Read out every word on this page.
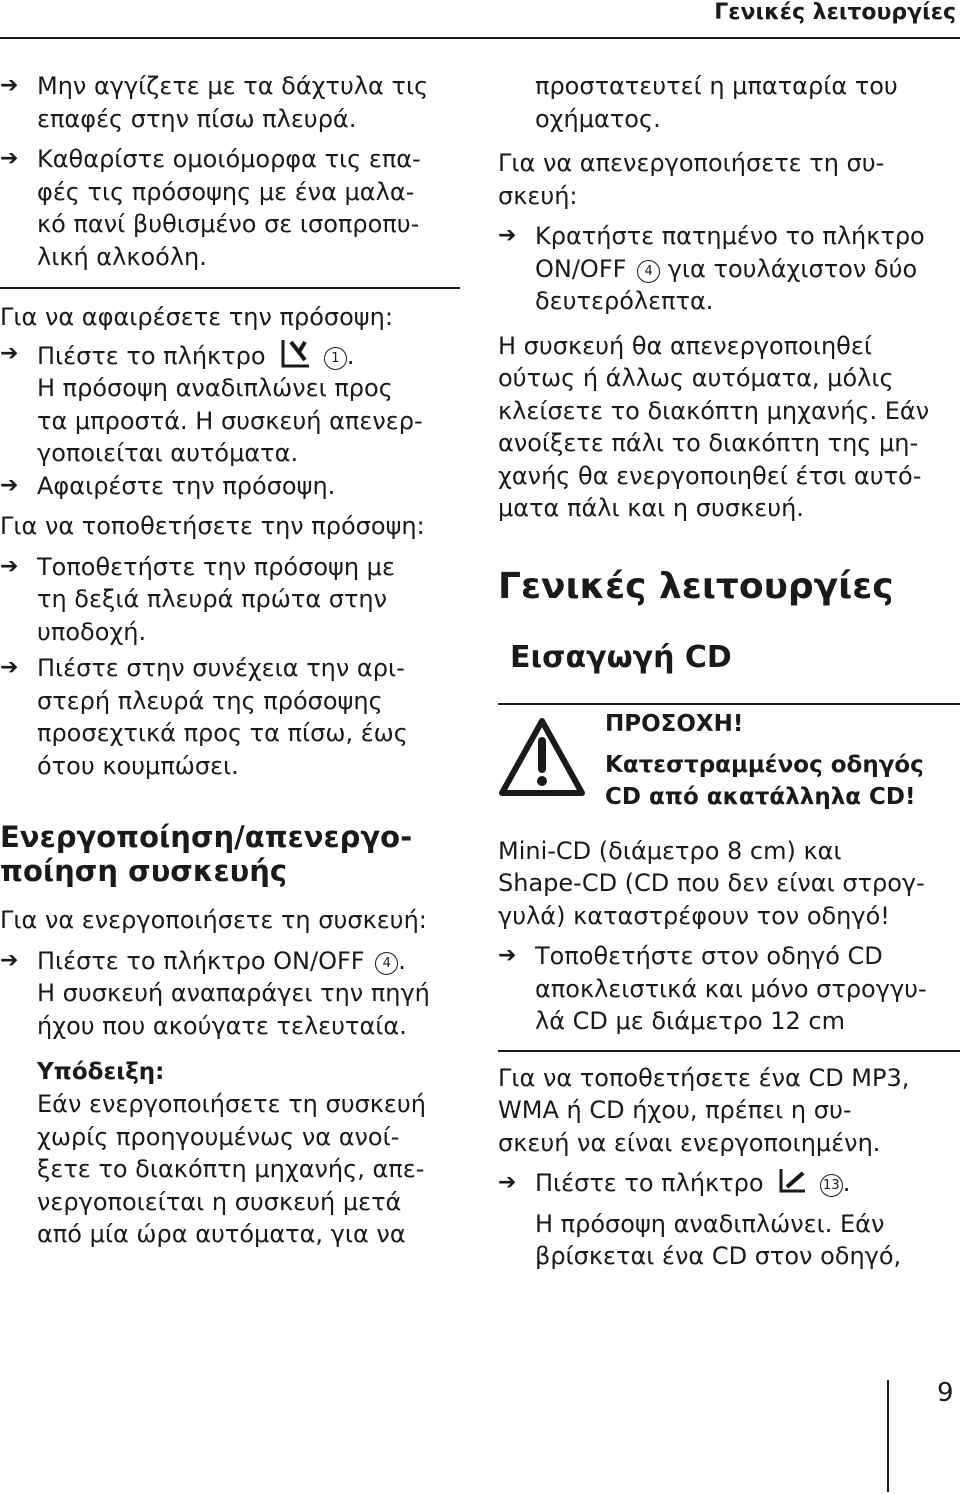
Γενικές λειτουργίες
➔ Μην αγγίζετε με τα δάχτυλα τις
επαφές στην πίσω πλευρά.
➔ Καθαρίστε ομοιόμορφα τις επα-
φές τις πρόσοψης με ένα μαλα-
κό πανί βυθισμένο σε ισοπροπυ-
λική αλκοόλη.

Για να αφαιρέσετε την πρόσοψη:

➔ Πιέστε το πλήκτρο	1 .
Η πρόσοψη αναδιπλώνει προς
τα μπροστά. Η συσκευή απενερ-
γοποιείται αυτόματα.
➔ Αφαιρέστε την πρόσοψη.

Για να τοποθετήσετε την πρόσοψη:

➔ Τοποθετήστε την πρόσοψη με
τη δεξιά πλευρά πρώτα στην
υποδοχή.
➔ Πιέστε στην συνέχεια την αρι-
στερή πλευρά της πρόσοψης
προσεχτικά προς τα πίσω, έως
ότου κουμπώσει.
Ενεργοποίηση/απενεργο-
ποίηση συσκευής

Για να ενεργοποιήσετε τη συσκευή:

➔ Πιέστε το πλήκτρο ON/OFF 4 .
Η συσκευή αναπαράγει την πηγή
ήχου που ακούγατε τελευταία.

Υπόδειξη:

Εάν ενεργοποιήσετε τη συσκευή
χωρίς προηγουμένως να ανοί-
ξετε το διακόπτη μηχανής, απε-
νεργοποιείται η συσκευή μετά
από μία ώρα αυτόματα, για να
προστατευτεί η μπαταρία του
οχήματος.
Για να απενεργοποιήσετε τη συ-
σκευή:
➔ Κρατήστε πατημένο το πλήκτρο
ON/OFF 4 για τουλάχιστον δύο
δευτερόλεπτα.
Η συσκευή θα απενεργοποιηθεί
ούτως ή άλλως αυτόματα, μόλις
κλείσετε το διακόπτη μηχανής. Εάν
ανοίξετε πάλι το διακόπτη της μη-
χανής θα ενεργοποιηθεί έτσι αυτό-
ματα πάλι και η συσκευή.
Γενικές λειτουργίες
Εισαγωγή CD

ΠΡΟΣΟΧΗ!

Κατεστραμμένος οδηγός
CD από ακατάλληλα CD!
Mini-CD (διάμετρο 8 cm) και
Shape-CD (CD που δεν είναι στρογ-
γυλά) καταστρέφουν τον οδηγό!
➔ Τοποθετήστε στον οδηγό CD
αποκλειστικά και μόνο στρογγυ-
λά CD με διάμετρο 12 cm
Για να τοποθετήσετε ένα CD MP3,
WMA ή CD ήχου, πρέπει η συ-
σκευή να είναι ενεργοποιημένη.
➔ Πιέστε το πλήκτρο	13 .
Η πρόσοψη αναδιπλώνει. Εάν
βρίσκεται ένα CD στον οδηγό,
9
